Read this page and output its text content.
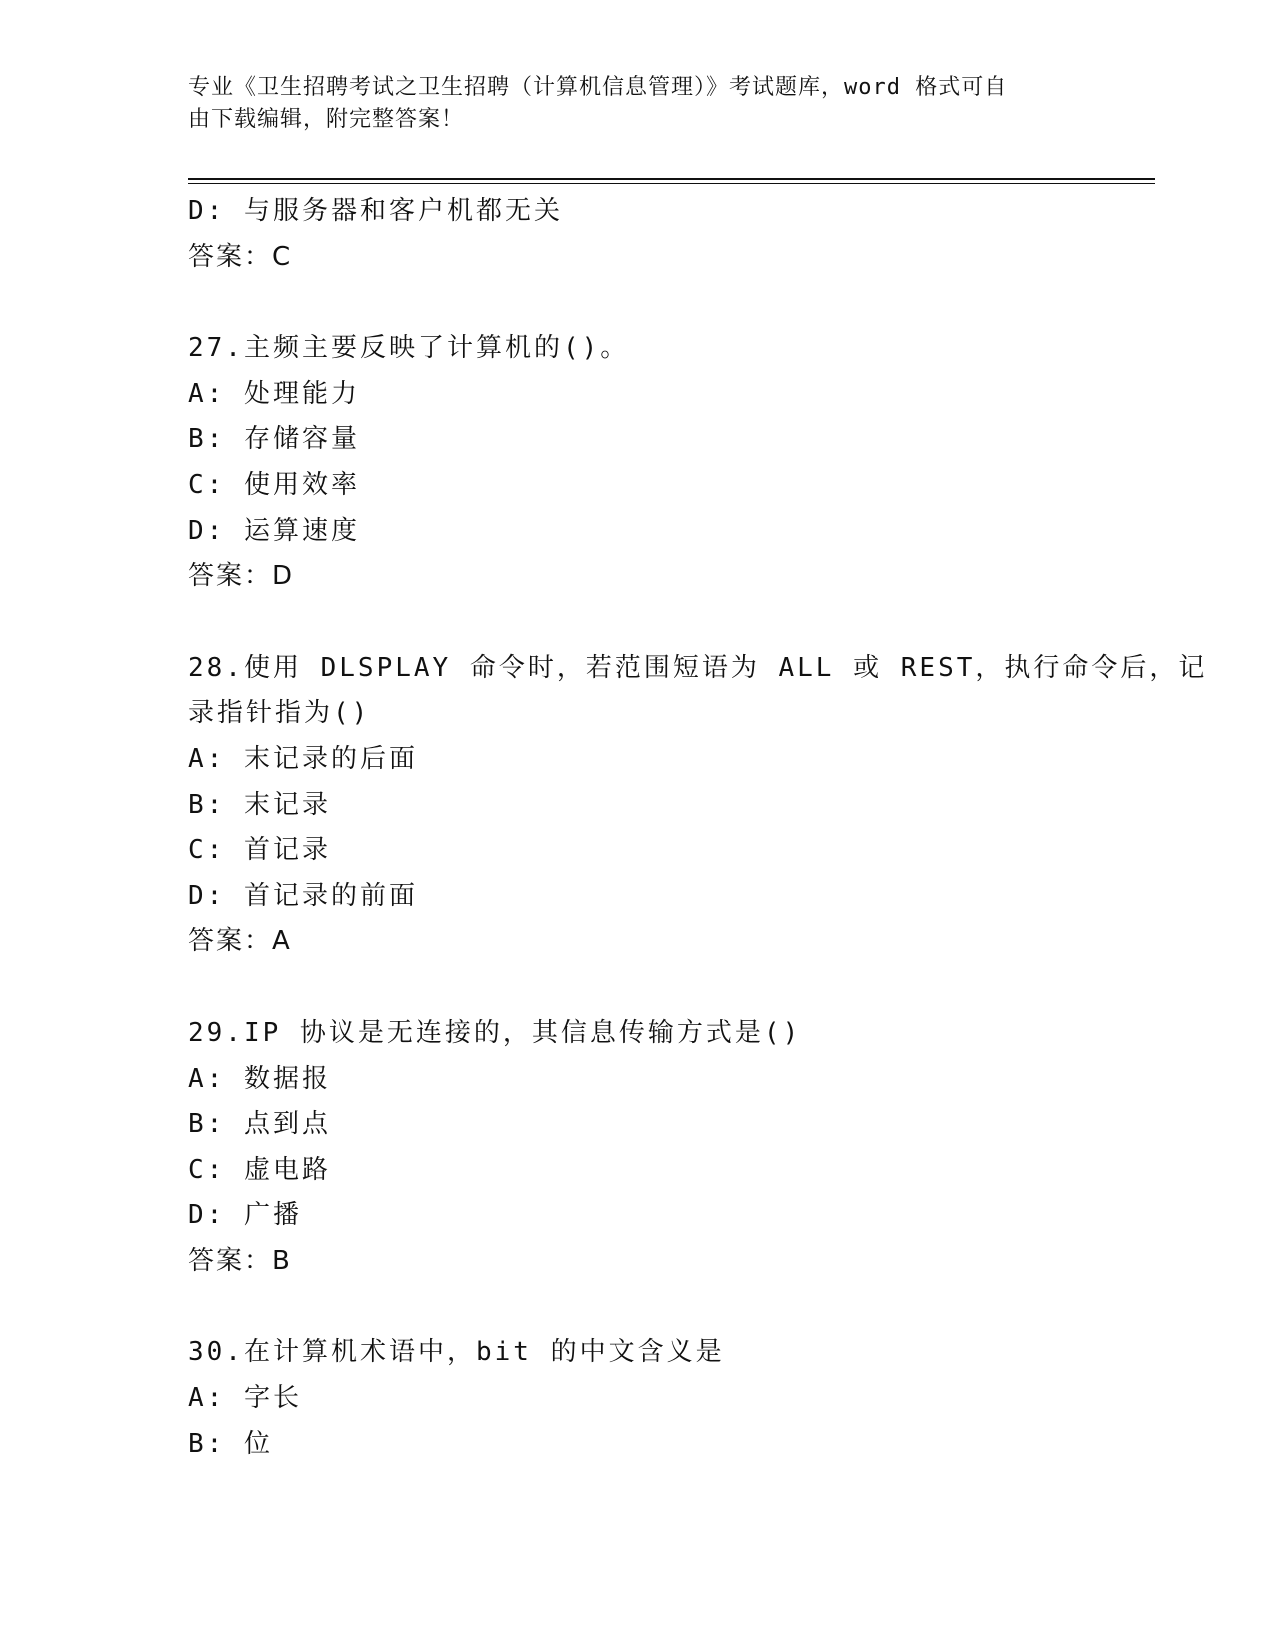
专业《卫生招聘考试之卫生招聘（计算机信息管理）》考试题库，word 格式可自
由下载编辑，附完整答案！
D: 与服务器和客户机都无关
答案：C
27.主频主要反映了计算机的()。
A: 处理能力
B: 存储容量
C: 使用效率
D: 运算速度
答案：D
28.使用 DLSPLAY 命令时，若范围短语为 ALL 或 REST，执行命令后，记
录指针指为()
A: 末记录的后面
B: 末记录
C: 首记录
D: 首记录的前面
答案：A
29.IP 协议是无连接的，其信息传输方式是()
A: 数据报
B: 点到点
C: 虚电路
D: 广播
答案：B
30.在计算机术语中，bit 的中文含义是
A: 字长
B: 位
